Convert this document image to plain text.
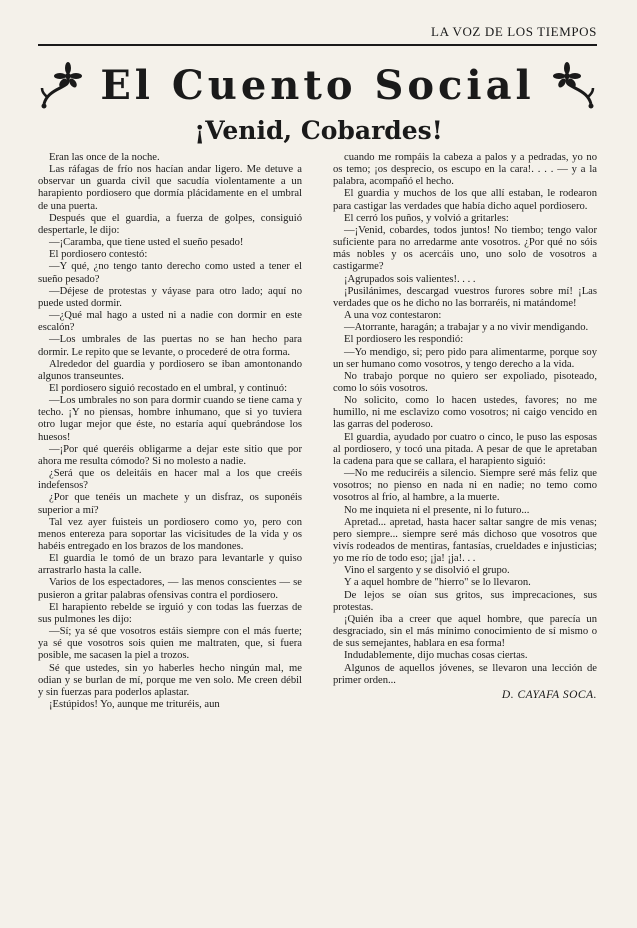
LA VOZ DE LOS TIEMPOS
El Cuento Social
¡Venid, Cobardes!

Eran las once de la noche.

Las ráfagas de frío nos hacían andar ligero. Me detuve a observar un guarda civil que sacudía violentamente a un harapiento pordiosero que dormía plácidamente en el umbral de una puerta.

Después que el guardia, a fuerza de golpes, consiguió despertarle, le dijo:

—¡Caramba, que tiene usted el sueño pesado!

El pordiosero contestó:

—Y qué, ¿no tengo tanto derecho como usted a tener el sueño pesado?

—Déjese de protestas y váyase para otro lado; aquí no puede usted dormir.

—¿Qué mal hago a usted ni a nadie con dormir en este escalón?

—Los umbrales de las puertas no se han hecho para dormir. Le repito que se levante, o procederé de otra forma.

Alrededor del guardia y pordiosero se iban amontonando algunos transeuntes.

El pordiosero siguió recostado en el umbral, y continuó:

—Los umbrales no son para dormir cuando se tiene cama y techo. ¡Y no piensas, hombre inhumano, que si yo tuviera otro lugar mejor que éste, no estaría aquí quebrándose los huesos!

—¡Por qué queréis obligarme a dejar este sitio que por ahora me resulta cómodo? Si no molesto a nadie.

¿Será que os deleitáis en hacer mal a los que creéis indefensos?

¿Por que tenéis un machete y un disfraz, os suponéis superior a mí?

Tal vez ayer fuisteis un pordiosero como yo, pero con menos entereza para soportar las vicisitudes de la vida y os habéis entregado en los brazos de los mandones.

El guardia le tomó de un brazo para levantarle y quiso arrastrarlo hasta la calle.

Varios de los espectadores, — las menos conscientes — se pusieron a gritar palabras ofensivas contra el pordiosero.

El harapiento rebelde se irguió y con todas las fuerzas de sus pulmones les dijo:

—Sí; ya sé que vosotros estáis siempre con el más fuerte; ya sé que vosotros sois quien me maltraten, que, si fuera posible, me sacasen la piel a trozos.

Sé que ustedes, sin yo haberles hecho ningún mal, me odian y se burlan de mí, porque me ven solo. Me creen débil y sin fuerzas para poderlos aplastar.

¡Estúpidos! Yo, aunque me trituréis, aun

cuando me rompáis la cabeza a palos y a pedradas, yo no os temo; ¡os desprecio, os escupo en la cara!. . . . — y a la palabra, acompañó el hecho.

El guardia y muchos de los que allí estaban, le rodearon para castigar las verdades que había dicho aquel pordiosero.

El cerró los puños, y volvió a gritarles:

—¡Venid, cobardes, todos juntos! No tiembo; tengo valor suficiente para no arredarme ante vosotros. ¿Por qué no sóis más nobles y os acercáis uno, uno solo de vosotros a castigarme?

¡Agrupados sois valientes!. . . .

¡Pusilánimes, descargad vuestros furores sobre mí! ¡Las verdades que os he dicho no las borraréis, ni matándome!

A una voz contestaron:

—Atorrante, haragán; a trabajar y a no vivir mendigando.

El pordiosero les respondió:

—Yo mendigo, si; pero pido para alimentarme, porque soy un ser humano como vosotros, y tengo derecho a la vida.

No trabajo porque no quiero ser expoliado, pisoteado, como lo sóis vosotros.

No solicito, como lo hacen ustedes, favores; no me humillo, ni me esclavizo como vosotros; ni caigo vencido en las garras del poderoso.

El guardia, ayudado por cuatro o cinco, le puso las esposas al pordiosero, y tocó una pitada. A pesar de que le apretaban la cadena para que se callara, el harapiento siguió:

—No me reduciréis a silencio. Siempre seré más feliz que vosotros; no pienso en nada ni en nadie; no temo como vosotros al frío, al hambre, a la muerte.

No me inquieta ni el presente, ni lo futuro...

Apretad... apretad, hasta hacer saltar sangre de mis venas; pero siempre... siempre seré más dichoso que vosotros que vivís rodeados de mentiras, fantasías, crueldades e injusticias; yo me río de todo eso; ¡ja! ¡ja!. . .

Vino el sargento y se disolvió el grupo.

Y a aquel hombre de "hierro" se lo llevaron.

De lejos se oían sus gritos, sus imprecaciones, sus protestas.

¡Quién iba a creer que aquel hombre, que parecía un desgraciado, sin el más mínimo conocimiento de sí mismo o de sus semejantes, hablara en esa forma!

Indudablemente, dijo muchas cosas ciertas.

Algunos de aquellos jóvenes, se llevaron una lección de primer orden...

D. CAYAFA SOCA.
